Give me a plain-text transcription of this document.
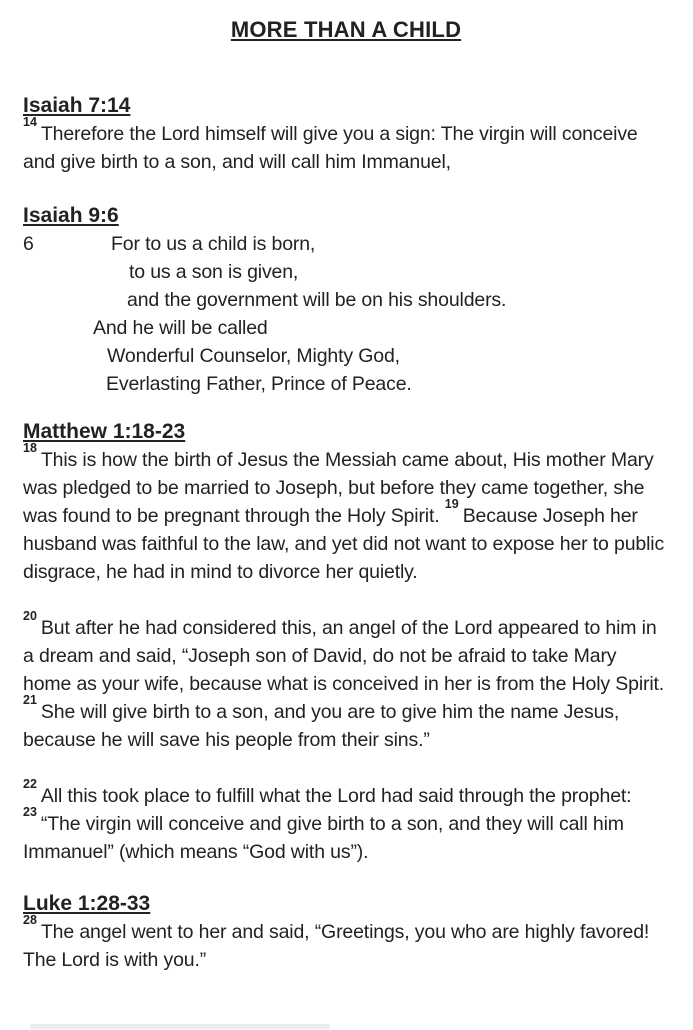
MORE THAN A CHILD
Isaiah 7:14

$^{14}$Therefore the Lord himself will give you a sign: The virgin will conceive and give birth to a son, and will call him Immanuel,

Isaiah 9:6
6	For to us a child is born,
to us a son is given,
and the government will be on his shoulders.
And he will be called
Wonderful Counselor, Mighty God,
Everlasting Father, Prince of Peace.
Matthew 1:18-23

$^{18}$This is how the birth of Jesus the Messiah came about, His mother Mary was pledged to be married to Joseph, but before they came together, she was found to be pregnant through the Holy Spirit. $^{19}$Because Joseph her husband was faithful to the law, and yet did not want to expose her to public disgrace, he had in mind to divorce her quietly.

$^{20}$But after he had considered this, an angel of the Lord appeared to him in a dream and said, “Joseph son of David, do not be afraid to take Mary home as your wife, because what is conceived in her is from the Holy Spirit. $^{21}$She will give birth to a son, and you are to give him the name Jesus, because he will save his people from their sins.”

$^{22}$All this took place to fulfill what the Lord had said through the prophet: $^{23}$“The virgin will conceive and give birth to a son, and they will call him Immanuel” (which means “God with us”).

Luke 1:28-33

$^{28}$The angel went to her and said, “Greetings, you who are highly favored! The Lord is with you.”
